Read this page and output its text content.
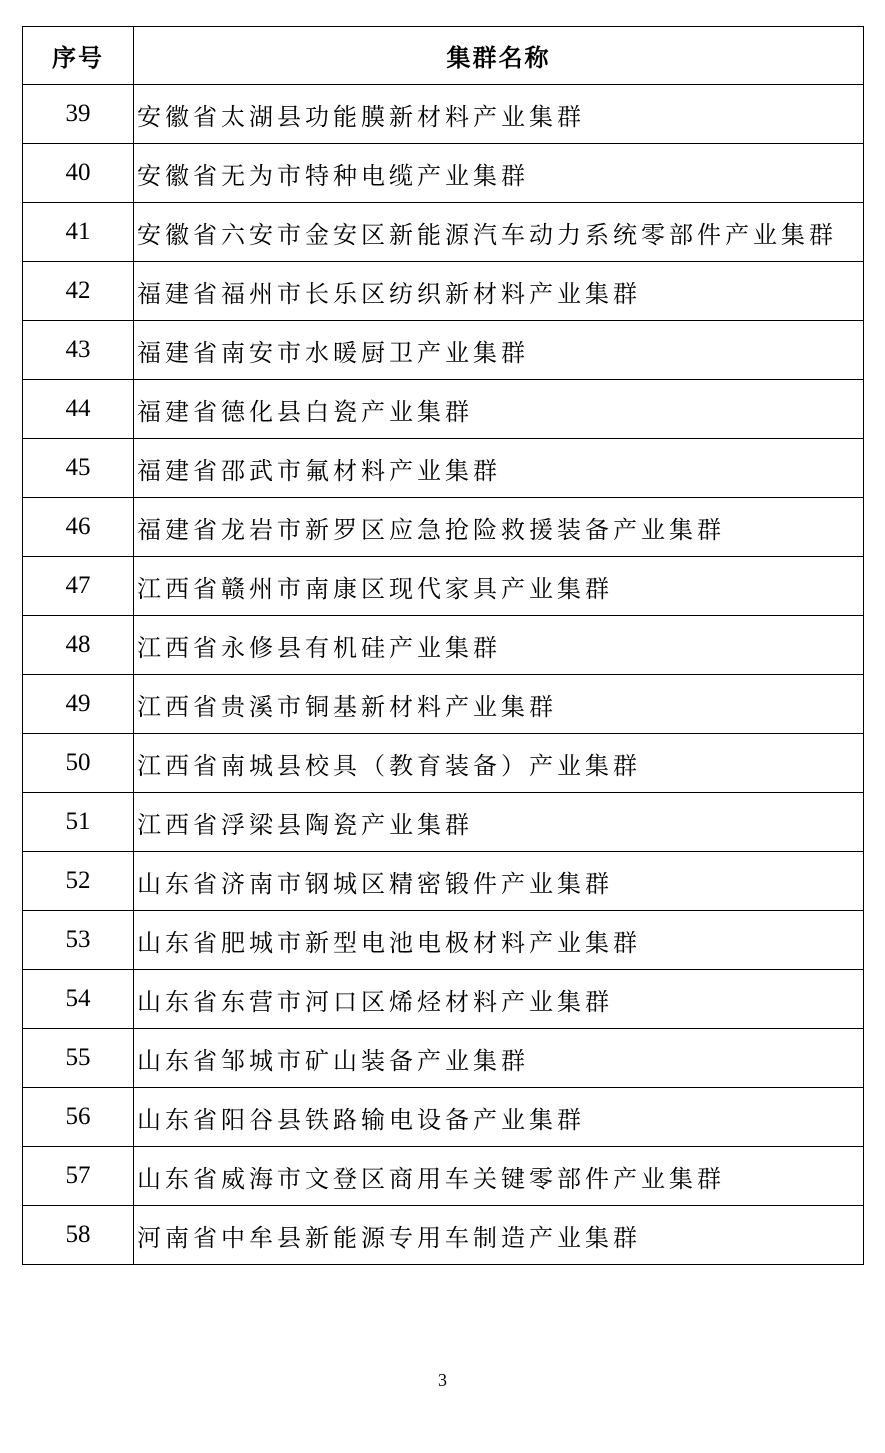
序号	集群名称
39	安徽省太湖县功能膜新材料产业集群
40	安徽省无为市特种电缆产业集群
41	安徽省六安市金安区新能源汽车动力系统零部件产业集群
42	福建省福州市长乐区纺织新材料产业集群
43	福建省南安市水暖厨卫产业集群
44	福建省德化县白瓷产业集群
45	福建省邵武市氟材料产业集群
46	福建省龙岩市新罗区应急抢险救援装备产业集群
47	江西省赣州市南康区现代家具产业集群
48	江西省永修县有机硅产业集群
49	江西省贵溪市铜基新材料产业集群
50	江西省南城县校具（教育装备）产业集群
51	江西省浮梁县陶瓷产业集群
52	山东省济南市钢城区精密锻件产业集群
53	山东省肥城市新型电池电极材料产业集群
54	山东省东营市河口区烯烃材料产业集群
55	山东省邹城市矿山装备产业集群
56	山东省阳谷县铁路输电设备产业集群
57	山东省威海市文登区商用车关键零部件产业集群
58	河南省中牟县新能源专用车制造产业集群
3
